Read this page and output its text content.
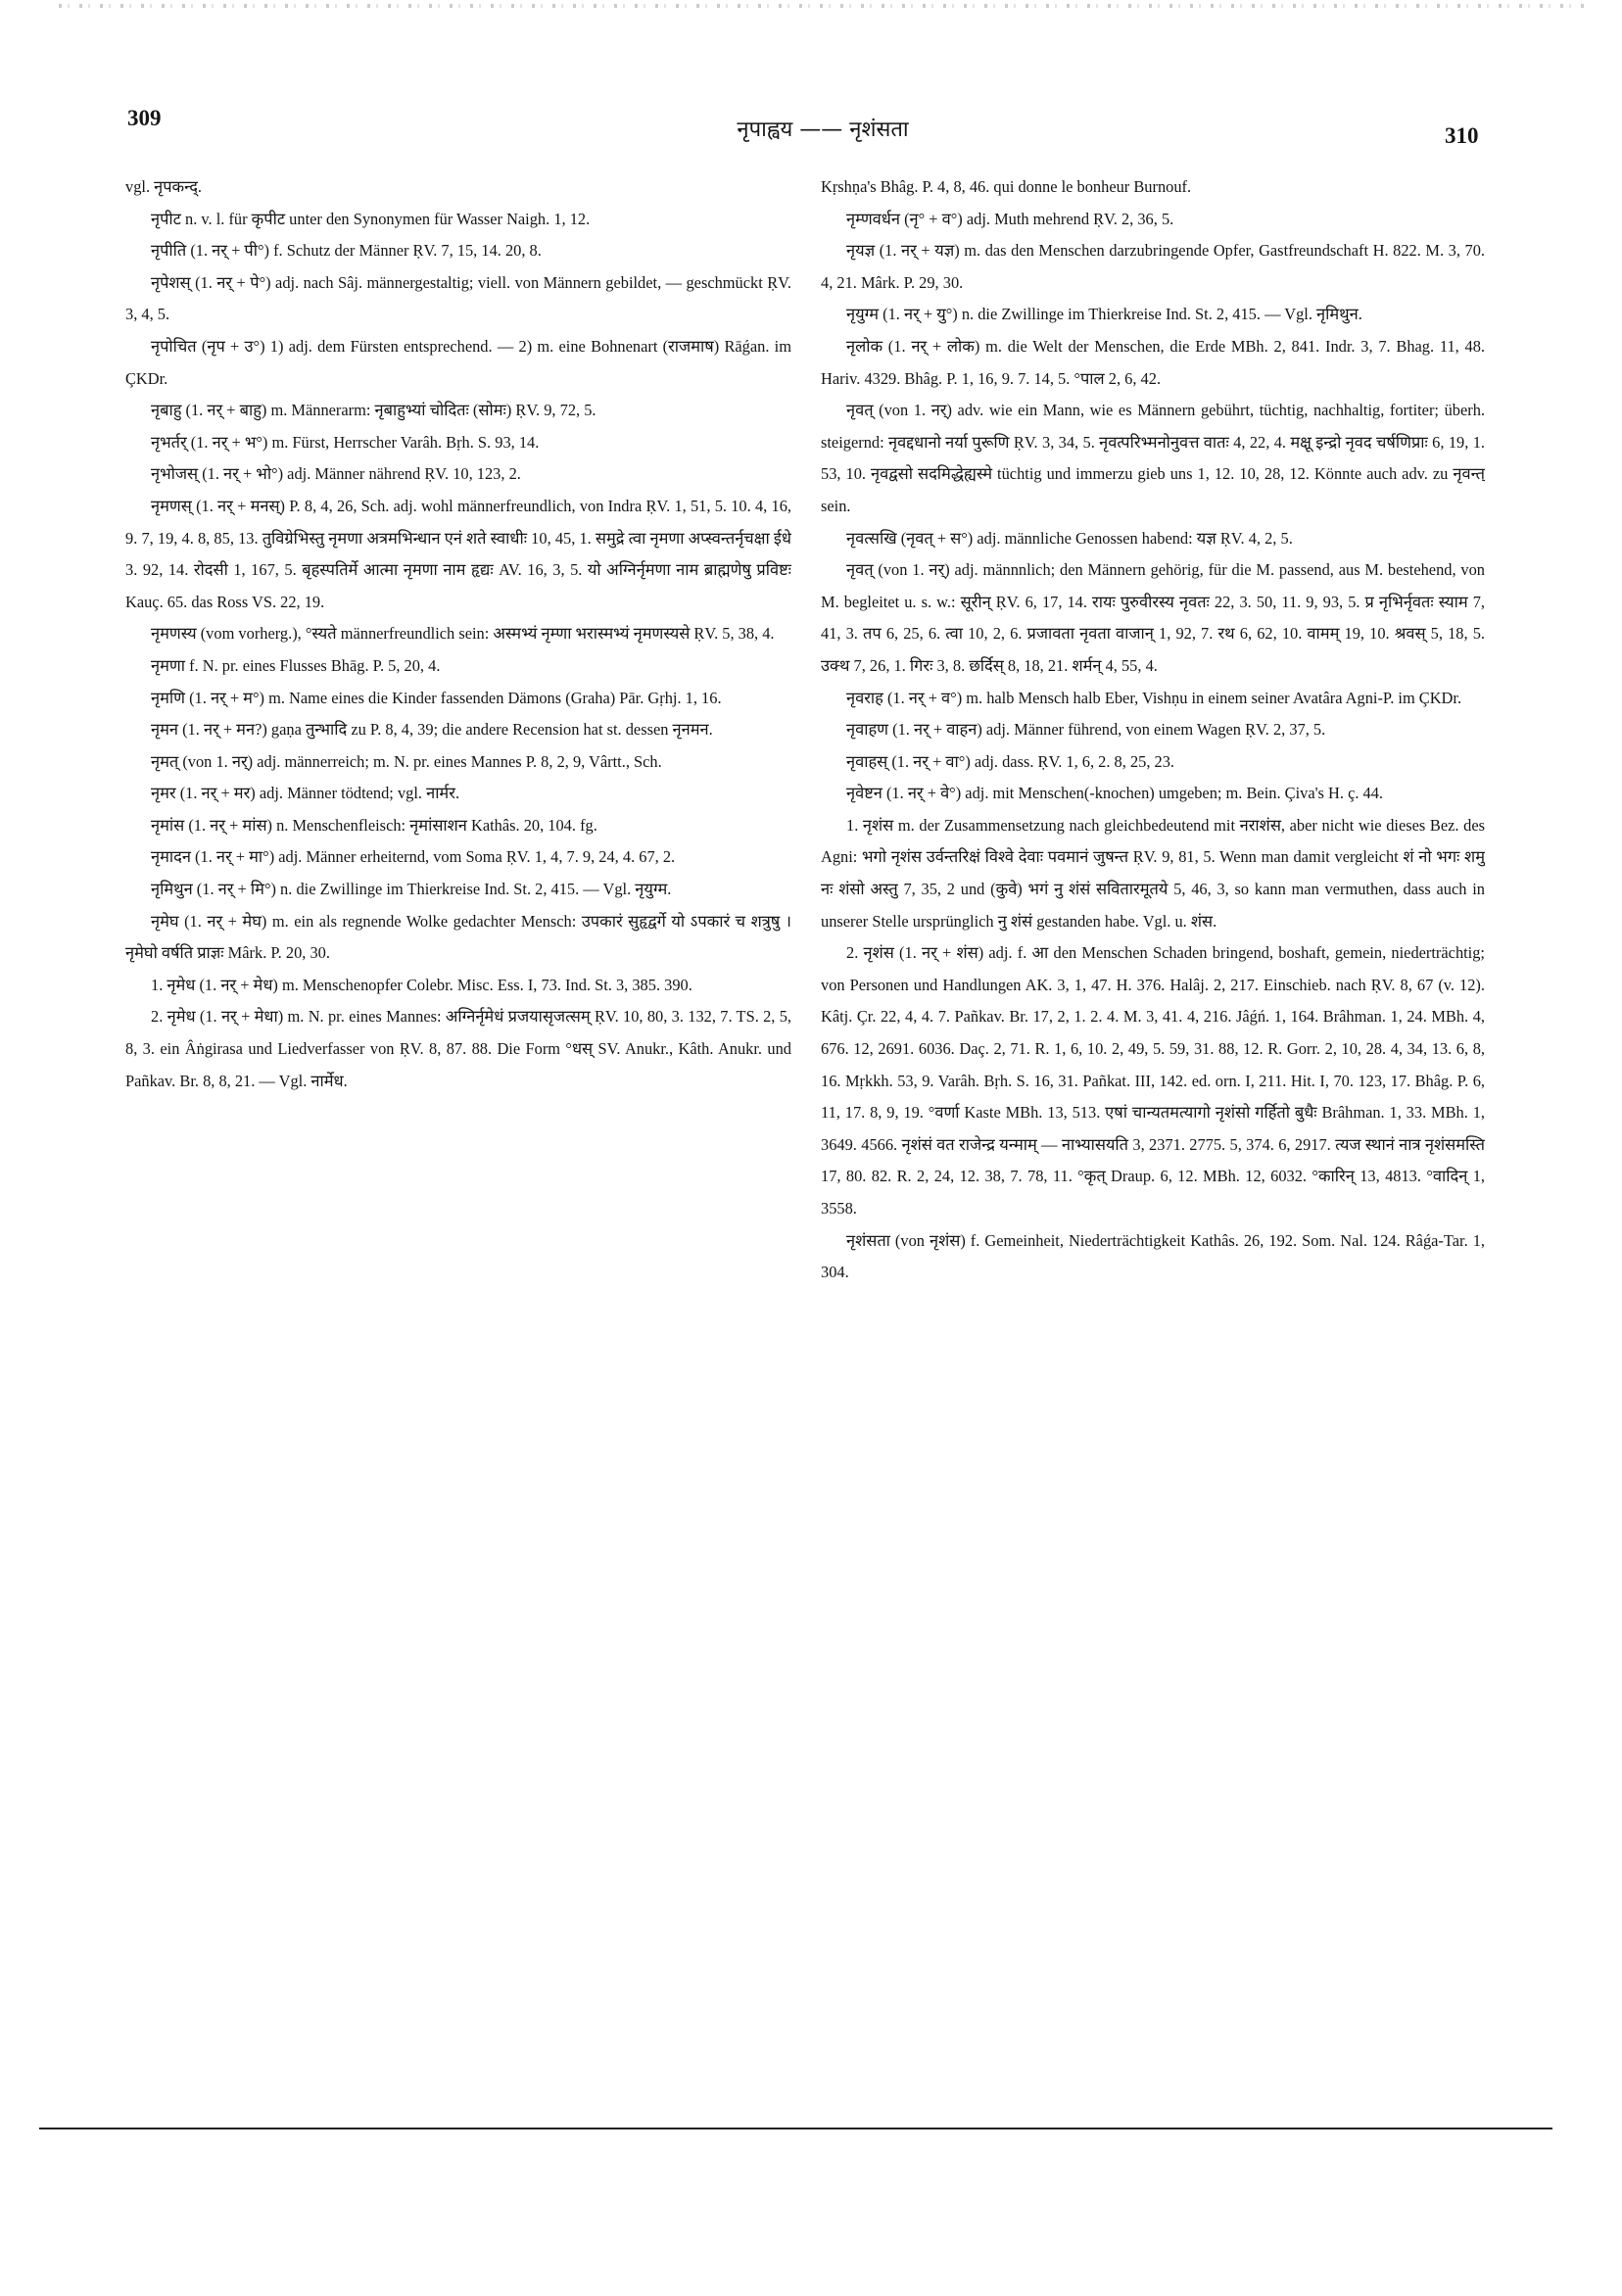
309	नृपाह्वय —— नृशंसता	310

vgl. नृपकन्द्.

नृपीट n. v. l. für कृपीट unter den Synonymen für Wasser Naigh. 1, 12.

नृपीति (1. नर् + पी°) f. Schutz der Männer ṚV. 7, 15, 14. 20, 8.

नृपेशस् (1. नर् + पे°) adj. nach Sâj. männergestaltig; viell. von Männern gebildet, — geschmückt ṚV. 3, 4, 5.

नृपोचित (नृप + उ°) 1) adj. dem Fürsten entsprechend. — 2) m. eine Bohnenart (राजमाष) Rāǵan. im ÇKDr.

नृबाहु (1. नर् + बाहु) m. Männerarm: नृबाहुभ्यां चोदितः (सोमः) ṚV. 9, 72, 5.

नृभर्तर् (1. नर् + भ°) m. Fürst, Herrscher Varâh. Bṛh. S. 93, 14.

नृभोजस् (1. नर् + भो°) adj. Männer nährend ṚV. 10, 123, 2.

नृमणस् (1. नर् + मनस्) P. 8, 4, 26, Sch. adj. wohl männerfreundlich, von Indra ṚV. 1, 51, 5. 10. 4, 16, 9. 7, 19, 4. 8, 85, 13. तुविग्रेभिस्तु नृमणा अत्रमभिन्धान एनं शते स्वाधीः 10, 45, 1. समुद्रे त्वा नृमणा अप्स्वन्तर्नृचक्षा ईधे 3. 92, 14. रोदसी 1, 167, 5. बृहस्पतिर्मे आत्मा नृमणा नाम हृद्यः AV. 16, 3, 5. यो अग्निर्नृमणा नाम ब्राह्मणेषु प्रविष्टः Kauç. 65. das Ross VS. 22, 19.

नृमणस्य (vom vorherg.), °स्यते männerfreundlich sein: अस्मभ्यं नृम्णा भरास्मभ्यं नृमणस्यसे ṚV. 5, 38, 4.

नृमणा f. N. pr. eines Flusses Bhāg. P. 5, 20, 4.

नृमणि (1. नर् + म°) m. Name eines die Kinder fassenden Dämons (Graha) Pār. Gṛhj. 1, 16.

नृमन (1. नर् + मन?) gaṇa तुन्भादि zu P. 8, 4, 39; die andere Recension hat st. dessen नृनमन.

नृमत् (von 1. नर्) adj. männerreich; m. N. pr. eines Mannes P. 8, 2, 9, Vârtt., Sch.

नृमर (1. नर् + मर) adj. Männer tödtend; vgl. नार्मर.

नृमांस (1. नर् + मांस) n. Menschenfleisch: नृमांसाशन Kathâs. 20, 104. fg.

नृमादन (1. नर् + मा°) adj. Männer erheiternd, vom Soma ṚV. 1, 4, 7. 9, 24, 4. 67, 2.

नृमिथुन (1. नर् + मि°) n. die Zwillinge im Thierkreise Ind. St. 2, 415. — Vgl. नृयुग्म.

नृमेघ (1. नर् + मेघ) m. ein als regnende Wolke gedachter Mensch: उपकारं सुहृद्वर्गे यो ऽपकारं च शत्रुषु । नृमेघो वर्षति प्राज्ञः Mârk. P. 20, 30.

1. नृमेध (1. नर् + मेध) m. Menschenopfer Colebr. Misc. Ess. I, 73. Ind. St. 3, 385. 390.

2. नृमेध (1. नर् + मेधा) m. N. pr. eines Mannes: अग्निर्नृमेधं प्रजयासृजत्सम् ṚV. 10, 80, 3. 132, 7. TS. 2, 5, 8, 3. ein Âṅgirasa und Liedverfasser von ṚV. 8, 87. 88. Die Form °धस् SV. Anukr., Kâth. Anukr. und Pañkav. Br. 8, 8, 21. — Vgl. नार्मेध.

Kṛshṇa's Bhâg. P. 4, 8, 46. qui donne le bonheur Burnouf.

नृम्णवर्धन (नृ° + व°) adj. Muth mehrend ṚV. 2, 36, 5.

नृयज्ञ (1. नर् + यज्ञ) m. das den Menschen darzubringende Opfer, Gastfreundschaft H. 822. M. 3, 70. 4, 21. Mârk. P. 29, 30.

नृयुग्म (1. नर् + यु°) n. die Zwillinge im Thierkreise Ind. St. 2, 415. — Vgl. नृमिथुन.

नृलोक (1. नर् + लोक) m. die Welt der Menschen, die Erde MBh. 2, 841. Indr. 3, 7. Bhag. 11, 48. Hariv. 4329. Bhâg. P. 1, 16, 9. 7. 14, 5. °पाल 2, 6, 42.

नृवत् (von 1. नर्) adv. wie ein Mann, wie es Männern gebührt, tüchtig, nachhaltig, fortiter; überh. steigernd: नृवद्दधानो नर्या पुरूणि ṚV. 3, 34, 5. नृवत्परिभ्मनोनुवत्त वातः 4, 22, 4. मक्षू इन्द्रो नृवद चर्षणिप्राः 6, 19, 1. 53, 10. नृवद्वसो सदमिद्धेह्यस्मे tüchtig und immerzu gieb uns 1, 12. 10, 28, 12. Könnte auch adv. zu नृवन्त् sein.

नृवत्सखि (नृवत् + स°) adj. männliche Genossen habend: यज्ञ ṚV. 4, 2, 5.

नृवत् (von 1. नर्) adj. männnlich; den Männern gehörig, für die M. passend, aus M. bestehend, von M. begleitet u. s. w.: सूरीन् ṚV. 6, 17, 14. रायः पुरुवीरस्य नृवतः 22, 3. 50, 11. 9, 93, 5. प्र नृभिर्नृवतः स्याम 7, 41, 3. तप 6, 25, 6. त्वा 10, 2, 6. प्रजावता नृवता वाजान् 1, 92, 7. रथ 6, 62, 10. वामम् 19, 10. श्रवस् 5, 18, 5. उक्थ 7, 26, 1. गिरः 3, 8. छर्दिस् 8, 18, 21. शर्मन् 4, 55, 4.

नृवराह (1. नर् + व°) m. halb Mensch halb Eber, Vishṇu in einem seiner Avatâra Agni-P. im ÇKDr.

नृवाहण (1. नर् + वाहन) adj. Männer führend, von einem Wagen ṚV. 2, 37, 5.

नृवाहस् (1. नर् + वा°) adj. dass. ṚV. 1, 6, 2. 8, 25, 23.

नृवेष्टन (1. नर् + वे°) adj. mit Menschen(-knochen) umgeben; m. Bein. Çiva's H. ç. 44.

1. नृशंस m. der Zusammensetzung nach gleichbedeutend mit नराशंस, aber nicht wie dieses Bez. des Agni: भगो नृशंस उर्वन्तरिक्षं विश्वे देवाः पवमानं जुषन्त ṚV. 9, 81, 5. Wenn man damit vergleicht शं नो भगः शमु नः शंसो अस्तु 7, 35, 2 und (कुवे) भगं नु शंसं सवितारमूतये 5, 46, 3, so kann man vermuthen, dass auch in unserer Stelle ursprünglich नु शंसं gestanden habe. Vgl. u. शंस.

2. नृशंस (1. नर् + शंस) adj. f. आ den Menschen Schaden bringend, boshaft, gemein, niederträchtig; von Personen und Handlungen AK. 3, 1, 47. H. 376. Halâj. 2, 217. Einschieb. nach ṚV. 8, 67 (v. 12). Kâtj. Çr. 22, 4, 4. 7. Pañkav. Br. 17, 2, 1. 2. 4. M. 3, 41. 4, 216. Jâǵń. 1, 164. Brâhman. 1, 24. MBh. 4, 676. 12, 2691. 6036. Daç. 2, 71. R. 1, 6, 10. 2, 49, 5. 59, 31. 88, 12. R. Gorr. 2, 10, 28. 4, 34, 13. 6, 8, 16. Mṛkkh. 53, 9. Varâh. Bṛh. S. 16, 31. Pañkat. III, 142. ed. orn. I, 211. Hit. I, 70. 123, 17. Bhâg. P. 6, 11, 17. 8, 9, 19. °वर्णा Kaste MBh. 13, 513. एषां चान्यतमत्यागो नृशंसो गर्हितो बुधैः Brâhman. 1, 33. MBh. 1, 3649. 4566. नृशंसं वत राजेन्द्र यन्माम् — नाभ्यासयति 3, 2371. 2775. 5, 374. 6, 2917. त्यज स्थानं नात्र नृशंसमस्ति 17, 80. 82. R. 2, 24, 12. 38, 7. 78, 11. °कृत् Draup. 6, 12. MBh. 12, 6032. °कारिन् 13, 4813. °वादिन् 1, 3558.

नृशंसता (von नृशंस) f. Gemeinheit, Niederträchtigkeit Kathâs. 26, 192. Som. Nal. 124. Râǵa-Tar. 1, 304.
